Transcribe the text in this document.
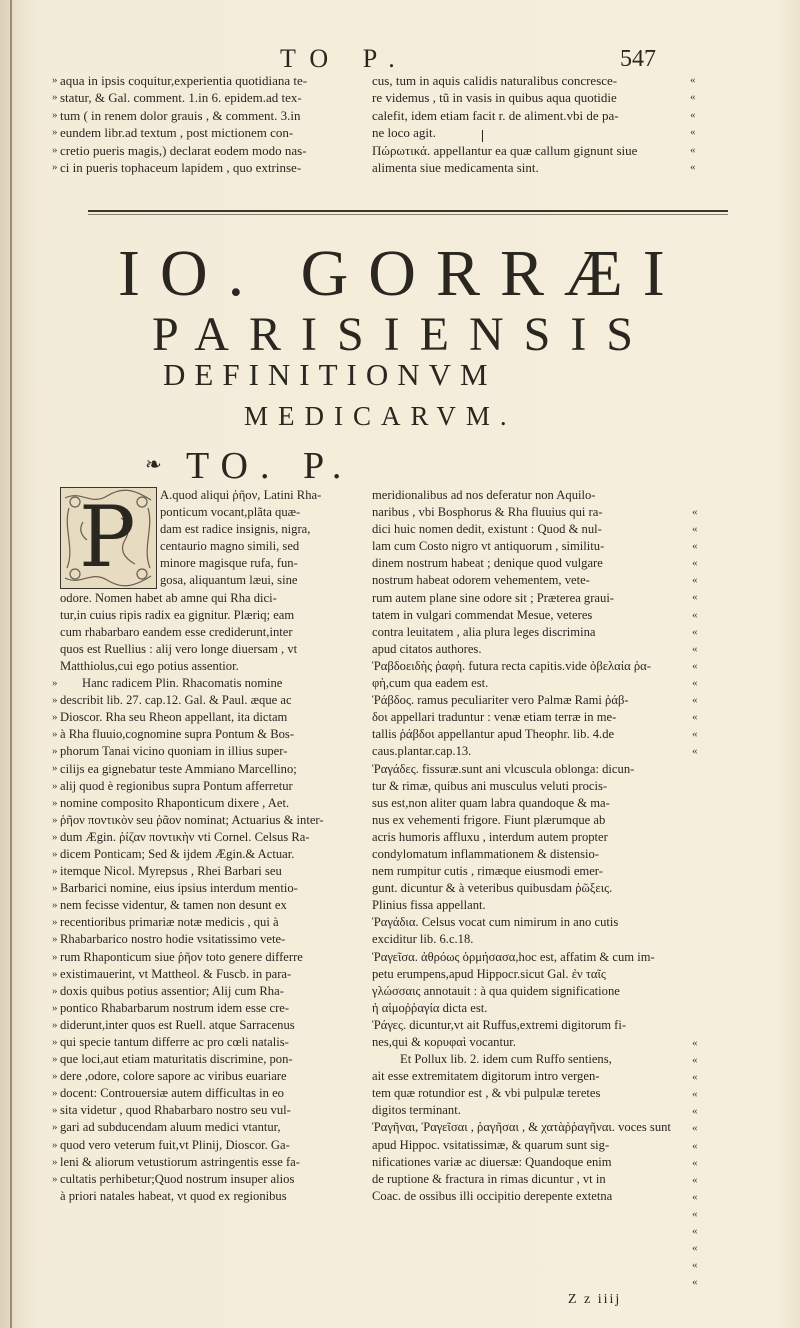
TO P.	547
aqua in ipsis coquitur,experientia quotidiana te-
statur, & Gal. comment. 1.in 6. epidem.ad tex-
tum ( in renem dolor grauis , & comment. 3.in
eundem libr.ad textum , post mictionem con-
cretio pueris magis,) declarat eodem modo nas-
ci in pueris tophaceum lapidem , quo extrinse-
»
»
»
»
»
»
cus, tum in aquis calidis naturalibus concresce-
re videmus , tũ in vasis in quibus aqua quotidie
calefit, idem etiam facit r. de aliment.vbi de pa-
ne loco agit.
Πώρωτικά. appellantur ea quæ callum gignunt siue
alimenta siue medicamenta sint.
«
«
«
«
«
«
IO. GORRÆI
PARISIENSIS
DEFINITIONVM
MEDICARVM.
❧ TO. P.
P	A.quod aliqui ῥῆον, Latini Rha-
ponticum vocant,plãta quæ-
dam est radice insignis, nigra,
centaurio magno simili, sed
minore magisque rufa, fun-
gosa, aliquantum læui, sine
odore. Nomen habet ab amne qui Rha dici-
tur,in cuius ripis radix ea gignitur. Plæriq; eam
cum rhabarbaro eandem esse crediderunt,inter
quos est Ruellius : alij vero longe diuersam , vt
Matthiolus,cui ego potius assentior.
Hanc radicem Plin. Rhacomatis nomine
describit lib. 27. cap.12. Gal. & Paul. æque ac
Dioscor. Rha seu Rheon appellant, ita dictam
à Rha fluuio,cognomine supra Pontum & Bos-
phorum Tanai vicino quoniam in illius super-
cilijs ea gignebatur teste Ammiano Marcellino;
alij quod è regionibus supra Pontum afferretur
nomine composito Rhaponticum dixere , Aet.
ῥῆον ποντικὸν seu ῥᾶον nominat; Actuarius & inter-
dum Ægin. ῥίζαν ποντικὴν vti Cornel. Celsus Ra-
dicem Ponticam; Sed & ijdem Ægin.& Actuar.
itemque Nicol. Myrepsus , Rhei Barbari seu
Barbarici nomine, eius ipsius interdum mentio-
nem fecisse videntur, & tamen non desunt ex
recentioribus primariæ notæ medicis , qui à
Rhabarbarico nostro hodie vsitatissimo vete-
rum Rhaponticum siue ῥῆον toto genere differre
existimauerint, vt Mattheol. & Fuscb. in para-
doxis quibus potius assentior; Alij cum Rha-
pontico Rhabarbarum nostrum idem esse cre-
diderunt,inter quos est Ruell. atque Sarracenus
qui specie tantum differre ac pro cœli natalis-
que loci,aut etiam maturitatis discrimine, pon-
dere ,odore, colore sapore ac viribus euariare
docent: Controuersiæ autem difficultas in eo
sita videtur , quod Rhabarbaro nostro seu vul-
gari ad subducendam aluum medici vtantur,
quod vero veterum fuit,vt Plinij, Dioscor. Ga-
leni & aliorum vetustiorum astringentis esse fa-
cultatis perhibetur;Quod nostrum insuper alios
à priori natales habeat, vt quod ex regionibus
»
»
»
»
»
»
»
»
»
»
»
»
»
»
»
»
»
»
»
»
»
»
»
»
»
»
»
»
»
»
meridionalibus ad nos deferatur non Aquilo-
naribus , vbi Bosphorus & Rha fluuius qui ra-
dici huic nomen dedit, existunt : Quod & nul-
lam cum Costo nigro vt antiquorum , similitu-
dinem nostrum habeat ; denique quod vulgare
nostrum habeat odorem vehementem, vete-
rum autem plane sine odore sit ; Præterea graui-
tatem in vulgari commendat Mesue, veteres
contra leuitatem , alia plura leges discrimina
apud citatos authores.
Ῥαβδοειδὴς ῥαφὴ. futura recta capitis.vide ὀβελαία ῥα-
φὴ,cum qua eadem est.
Ῥάβδος. ramus peculiariter vero Palmæ Rami ῥάβ-
δοι appellari traduntur : venæ etiam terræ in me-
tallis ῥάβδοι appellantur apud Theophr. lib. 4.de
caus.plantar.cap.13.
Ῥαγάδες. fissuræ.sunt ani vlcuscula oblonga: dicun-
tur & rimæ, quibus ani musculus veluti procis-
sus est,non aliter quam labra quandoque & ma-
nus ex vehementi frigore. Fiunt plærumque ab
acris humoris affluxu , interdum autem propter
condylomatum inflammationem & distensio-
nem rumpitur cutis , rimæque eiusmodi emer-
gunt. dicuntur & à veteribus quibusdam ῥῶξεις.
Plinius fissa appellant.
Ῥαγάδια. Celsus vocat cum nimirum in ano cutis
exciditur lib. 6.c.18.
Ῥαγεῖσα. ἀθρόως ὁρμήσασα,hoc est, affatim & cum im-
petu erumpens,apud Hippocr.sicut Gal. ἐν ταῖς
γλώσσαις annotauit : à qua quidem significatione
ἡ αἱμοῤῥαγία dicta est.
Ῥάγες. dicuntur,vt ait Ruffus,extremi digitorum fi-
nes,qui & κορυφαὶ vocantur.
Et Pollux lib. 2. idem cum Ruffo sentiens,
ait esse extremitatem digitorum intro vergen-
tem quæ rotundior est , & vbi pulpulæ teretes
digitos terminant.
Ῥαγῆναι, Ῥαγεῖσαι , ῥαγῆσαι , & χατὰῤῥαγῆναι. voces sunt
apud Hippoc. vsitatissimæ, & quarum sunt sig-
nificationes variæ ac diuersæ: Quandoque enim
de ruptione & fractura in rimas dicuntur , vt in
Coac. de ossibus illi occipitio derepente extetna
«
«
«
«
«
«
«
«
«
«
«
«
«
«
«
«
«
«
«
«
«
«
«
«
«
«
«
«
«
«
Z z iiij
